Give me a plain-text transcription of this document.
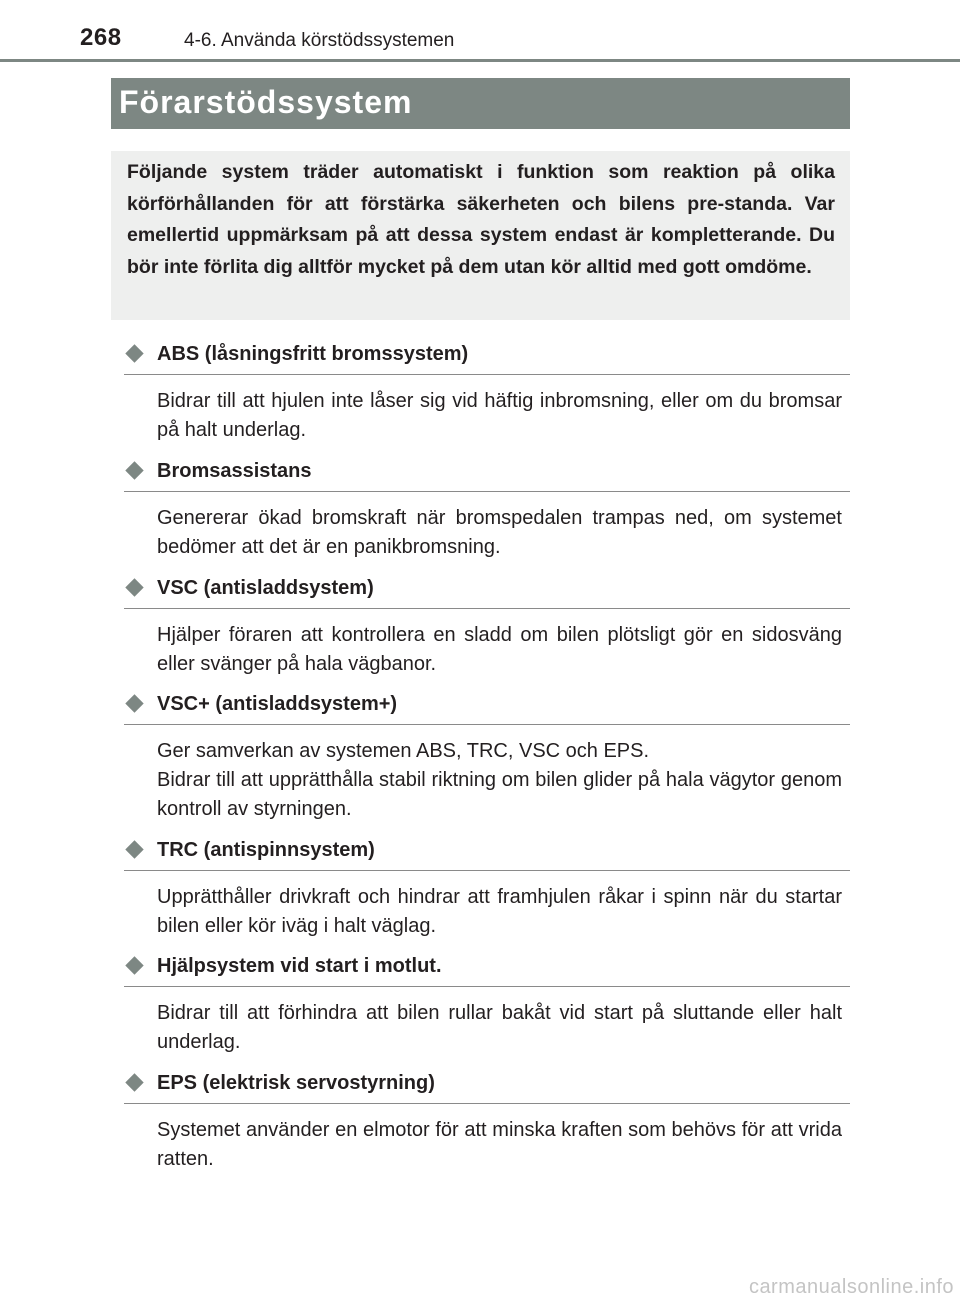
268	4-6. Använda körstödssystemen
Förarstödssystem

Följande system träder automatiskt i funktion som reaktion på olika körförhållanden för att förstärka säkerheten och bilens pre-standa. Var emellertid uppmärksam på att dessa system endast är kompletterande. Du bör inte förlita dig alltför mycket på dem utan kör alltid med gott omdöme.

ABS (låsningsfritt bromssystem)

Bidrar till att hjulen inte låser sig vid häftig inbromsning, eller om du bromsar på halt underlag.

Bromsassistans

Genererar ökad bromskraft när bromspedalen trampas ned, om systemet bedömer att det är en panikbromsning.

VSC (antisladdsystem)

Hjälper föraren att kontrollera en sladd om bilen plötsligt gör en sidosväng eller svänger på hala vägbanor.

VSC+ (antisladdsystem+)

Ger samverkan av systemen ABS, TRC, VSC och EPS.

Bidrar till att upprätthålla stabil riktning om bilen glider på hala vägytor genom kontroll av styrningen.

TRC (antispinnsystem)

Upprätthåller drivkraft och hindrar att framhjulen råkar i spinn när du startar bilen eller kör iväg i halt väglag.

Hjälpsystem vid start i motlut.

Bidrar till att förhindra att bilen rullar bakåt vid start på sluttande eller halt underlag.

EPS (elektrisk servostyrning)

Systemet använder en elmotor för att minska kraften som behövs för att vrida ratten.

carmanualsonline.info
